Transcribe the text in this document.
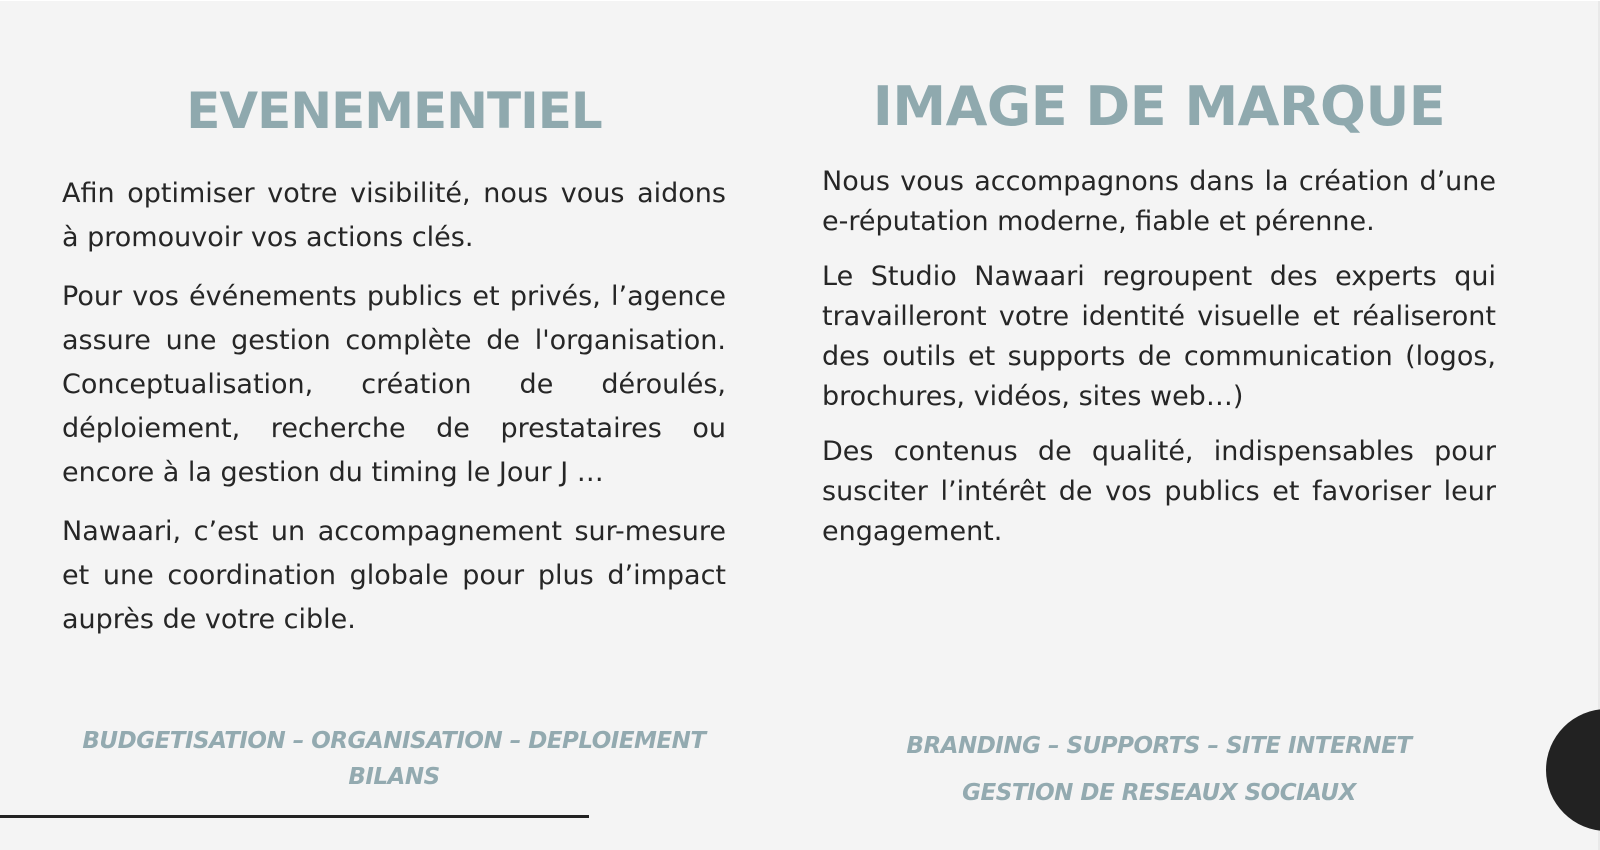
EVENEMENTIEL

Afin optimiser votre visibilité, nous vous aidons à promouvoir vos actions clés.

Pour vos événements publics et privés, l’agence assure une gestion complète de l'organisation. Conceptualisation, création de déroulés, déploiement, recherche de prestataires ou encore à la gestion du timing le Jour J …

Nawaari, c’est un accompagnement sur-mesure et une coordination globale pour plus d’impact auprès de votre cible.

IMAGE DE MARQUE

Nous vous accompagnons dans la création d’une e-réputation moderne, fiable et pérenne.

Le Studio Nawaari regroupent des experts qui travailleront votre identité visuelle et réaliseront des outils et supports de communication (logos, brochures, vidéos, sites web…)

Des contenus de qualité, indispensables pour susciter l’intérêt de vos publics et favoriser leur engagement.

BUDGETISATION – ORGANISATION – DEPLOIEMENT
BILANS
BRANDING – SUPPORTS – SITE INTERNET
GESTION DE RESEAUX SOCIAUX
